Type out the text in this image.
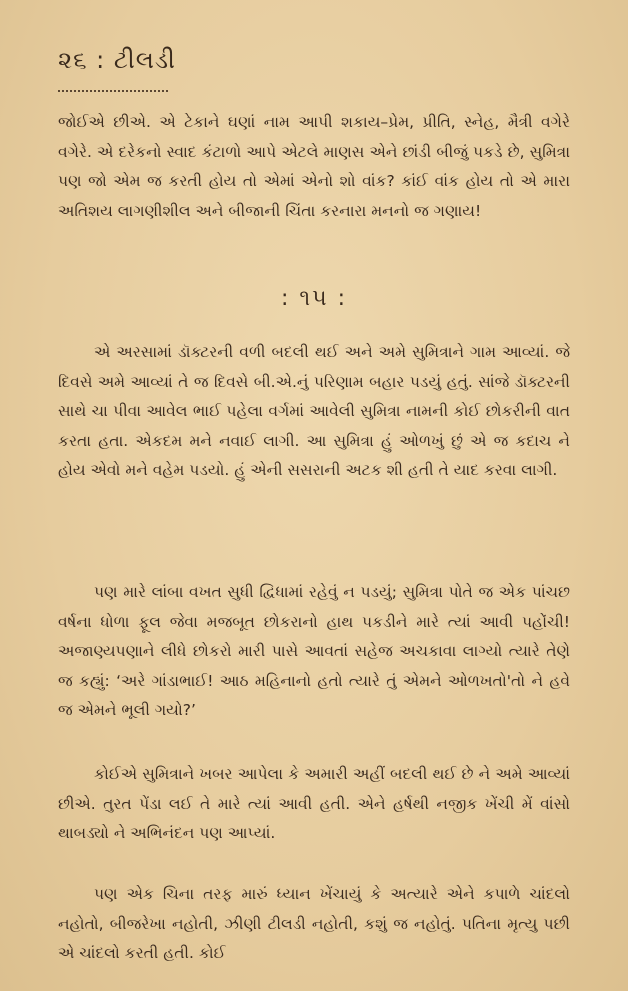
૨૬ : ટીલડી

જોઈએ છીએ. એ ટેકાને ઘણાં નામ આપી શકાય–પ્રેમ, પ્રીતિ, સ્નેહ, મૈત્રી વગેરે વગેરે. એ દરેકનો સ્વાદ કંટાળો આપે એટલે માણસ એને છાંડી બીજું પકડે છે, સુમિત્રા પણ જો એમ જ કરતી હોય તો એમાં એનો શો વાંક? કાંઈ વાંક હોય તો એ મારા અતિશય લાગણીશીલ અને બીજાની ચિંતા કરનારા મનનો જ ગણાય!

: ૧૫ :

એ અરસામાં ડૉક્ટરની વળી બદલી થઈ અને અમે સુમિત્રાને ગામ આવ્યાં. જે દિવસે અમે આવ્યાં તે જ દિવસે બી.એ.નું પરિણામ બહાર પડયું હતું. સાંજે ડૉક્ટરની સાથે ચા પીવા આવેલ ભાઈ પહેલા વર્ગમાં આવેલી સુમિત્રા નામની કોઈ છોકરીની વાત કરતા હતા. એકદમ મને નવાઈ લાગી. આ સુમિત્રા હું ઓળખું છું એ જ કદાચ ને હોય એવો મને વહેમ પડયો. હું એની સસરાની અટક શી હતી તે યાદ કરવા લાગી.

પણ મારે લાંબા વખત સુધી દ્વિધામાં રહેવું ન પડયું; સુમિત્રા પોતે જ એક પાંચછ વર્ષના ધોળા ફૂલ જેવા મજબૂત છોકરાનો હાથ પકડીને મારે ત્યાં આવી પહોંચી! અજાણ્યપણાને લીધે છોકરો મારી પાસે આવતાં સહેજ અચકાવા લાગ્યો ત્યારે તેણે જ કહ્યું: ‘અરે ગાંડાભાઈ! આઠ મહિનાનો હતો ત્યારે તું એમને ઓળખતો'તો ને હવે જ એમને ભૂલી ગયો?’

કોઈએ સુમિત્રાને ખબર આપેલા કે અમારી અહીં બદલી થઈ છે ને અમે આવ્યાં છીએ. તુરત પેંડા લઈ તે મારે ત્યાં આવી હતી. એને હર્ષથી નજીક ખેંચી મેં વાંસો થાબડ્યો ને અભિનંદન પણ આપ્યાં.

પણ એક ચિના તરફ મારું ધ્યાન ખેંચાયું કે અત્યારે એને કપાળે ચાંદલો નહોતો, બીજરેખા નહોતી, ઝીણી ટીલડી નહોતી, કશું જ નહોતું. પતિના મૃત્યુ પછી એ ચાંદલો કરતી હતી. કોઈ
